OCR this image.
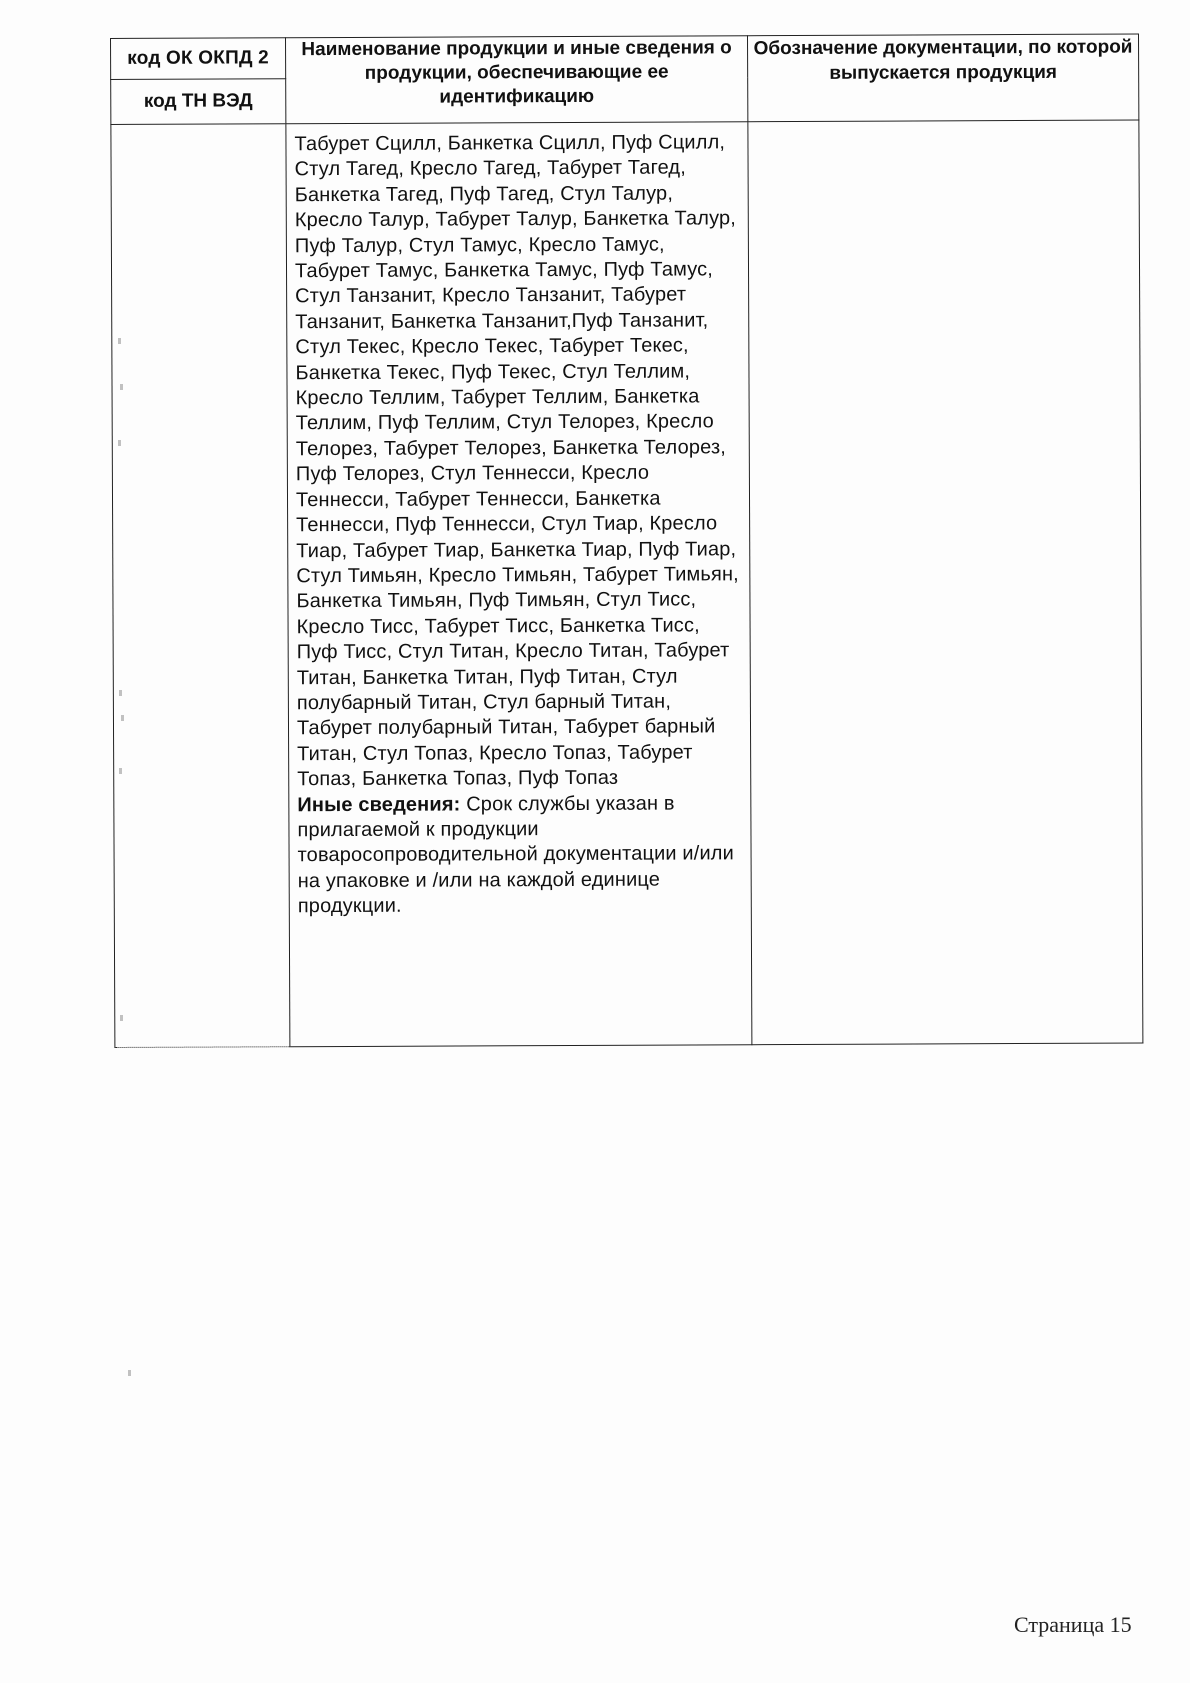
код ОК ОКПД 2	Наименование продукции и иные сведения о продукции, обеспечивающие ее идентификацию	Обозначение документации, по которой выпускается продукция
код ТН ВЭД		
	Табурет Сцилл, Банкетка Сцилл, Пуф Сцилл, Стул Тагед, Кресло Тагед, Табурет Тагед, Банкетка Тагед, Пуф Тагед, Стул Талур, Кресло Талур, Табурет Талур, Банкетка Талур, Пуф Талур, Стул Тамус, Кресло Тамус, Табурет Тамус, Банкетка Тамус, Пуф Тамус, Стул Танзанит, Кресло Танзанит, Табурет Танзанит, Банкетка Танзанит,Пуф Танзанит, Стул Текес, Кресло Текес, Табурет Текес, Банкетка Текес, Пуф Текес, Стул Теллим, Кресло Теллим, Табурет Теллим, Банкетка Теллим, Пуф Теллим, Стул Телорез, Кресло Телорез, Табурет Телорез, Банкетка Телорез, Пуф Телорез, Стул Теннесси, Кресло Теннесси, Табурет Теннесси, Банкетка Теннесси, Пуф Теннесси, Стул Тиар, Кресло Тиар, Табурет Тиар, Банкетка Тиар, Пуф Тиар, Стул Тимьян, Кресло Тимьян, Табурет Тимьян, Банкетка Тимьян, Пуф Тимьян, Стул Тисс, Кресло Тисс, Табурет Тисс, Банкетка Тисс, Пуф Тисс, Стул Титан, Кресло Титан, Табурет Титан, Банкетка Титан, Пуф Титан, Стул полубарный Титан, Стул барный Титан, Табурет полубарный Титан, Табурет барный Титан, Стул Топаз, Кресло Топаз, Табурет Топаз, Банкетка Топаз, Пуф Топаз
Иные сведения: Срок службы указан в прилагаемой к продукции товаросопроводительной документации и/или на упаковке и /или на каждой единице продукции.	
Страница 15
